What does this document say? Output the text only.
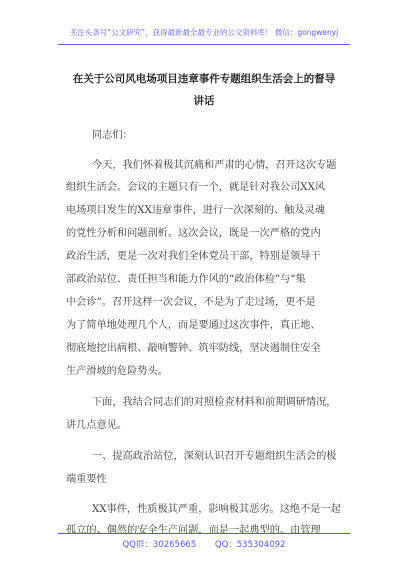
关注头条号“公文研究”，获得最新最全最专业的公文资料库！ 微信：gongwenyj
在关于公司风电场项目违章事件专题组织生活会上的督导
讲话
同志们：
今天，我们怀着极其沉痛和严肃的心情，召开这次专题
组织生活会。会议的主题只有一个，就是针对我公司XX风
电场项目发生的XX违章事件，进行一次深刻的、触及灵魂
的党性分析和问题剖析。这次会议，既是一次严格的党内
政治生活，更是一次对我们全体党员干部，特别是领导干
部政治站位、责任担当和能力作风的“政治体检”与“集
中会诊”。召开这样一次会议，不是为了走过场，更不是
为了简单地处理几个人，而是要通过这次事件，真正地、
彻底地挖出病根、敲响警钟、筑牢防线，坚决遏制住安全
生产滑坡的危险势头。
下面，我结合同志们的对照检查材料和前期调研情况，
讲几点意见。
一、提高政治站位，深刻认识召开专题组织生活会的极
端重要性
XX事件，性质极其严重，影响极其恶劣。这绝不是一起
孤立的、偶然的安全生产问题，而是一起典型的、由管理
QQ群：30265665 QQ：535304092
